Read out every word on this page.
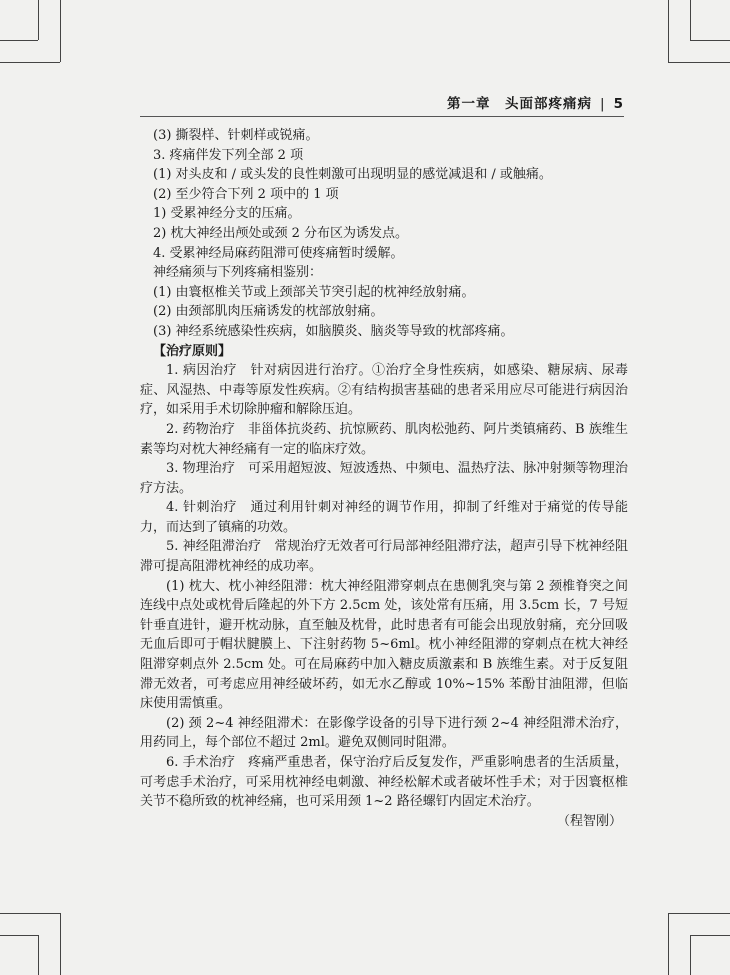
第一章　头面部疼痛病 | 5

(3) 撕裂样、针刺样或锐痛。

3. 疼痛伴发下列全部 2 项

(1) 对头皮和 / 或头发的良性刺激可出现明显的感觉减退和 / 或触痛。

(2) 至少符合下列 2 项中的 1 项

1) 受累神经分支的压痛。

2) 枕大神经出颅处或颈 2 分布区为诱发点。

4. 受累神经局麻药阻滞可使疼痛暂时缓解。

神经痛须与下列疼痛相鉴别：

(1) 由寰枢椎关节或上颈部关节突引起的枕神经放射痛。

(2) 由颈部肌肉压痛诱发的枕部放射痛。

(3) 神经系统感染性疾病，如脑膜炎、脑炎等导致的枕部疼痛。

【治疗原则】

1. 病因治疗　针对病因进行治疗。①治疗全身性疾病，如感染、糖尿病、尿毒症、风湿热、中毒等原发性疾病。②有结构损害基础的患者采用应尽可能进行病因治疗，如采用手术切除肿瘤和解除压迫。

2. 药物治疗　非甾体抗炎药、抗惊厥药、肌肉松弛药、阿片类镇痛药、B 族维生素等均对枕大神经痛有一定的临床疗效。

3. 物理治疗　可采用超短波、短波透热、中频电、温热疗法、脉冲射频等物理治疗方法。

4. 针刺治疗　通过利用针刺对神经的调节作用，抑制了纤维对于痛觉的传导能力，而达到了镇痛的功效。

5. 神经阻滞治疗　常规治疗无效者可行局部神经阻滞疗法，超声引导下枕神经阻滞可提高阻滞枕神经的成功率。

(1) 枕大、枕小神经阻滞：枕大神经阻滞穿刺点在患侧乳突与第 2 颈椎脊突之间连线中点处或枕骨后隆起的外下方 2.5cm 处，该处常有压痛，用 3.5cm 长，7 号短针垂直进针，避开枕动脉，直至触及枕骨，此时患者有可能会出现放射痛，充分回吸无血后即可于帽状腱膜上、下注射药物 5~6ml。枕小神经阻滞的穿刺点在枕大神经阻滞穿刺点外 2.5cm 处。可在局麻药中加入糖皮质激素和 B 族维生素。对于反复阻滞无效者，可考虑应用神经破坏药，如无水乙醇或 10%~15% 苯酚甘油阻滞，但临床使用需慎重。

(2) 颈 2~4 神经阻滞术：在影像学设备的引导下进行颈 2~4 神经阻滞术治疗，用药同上，每个部位不超过 2ml。避免双侧同时阻滞。

6. 手术治疗　疼痛严重患者，保守治疗后反复发作，严重影响患者的生活质量，可考虑手术治疗，可采用枕神经电刺激、神经松解术或者破坏性手术；对于因寰枢椎关节不稳所致的枕神经痛，也可采用颈 1~2 路径螺钉内固定术治疗。

（程智刚）
